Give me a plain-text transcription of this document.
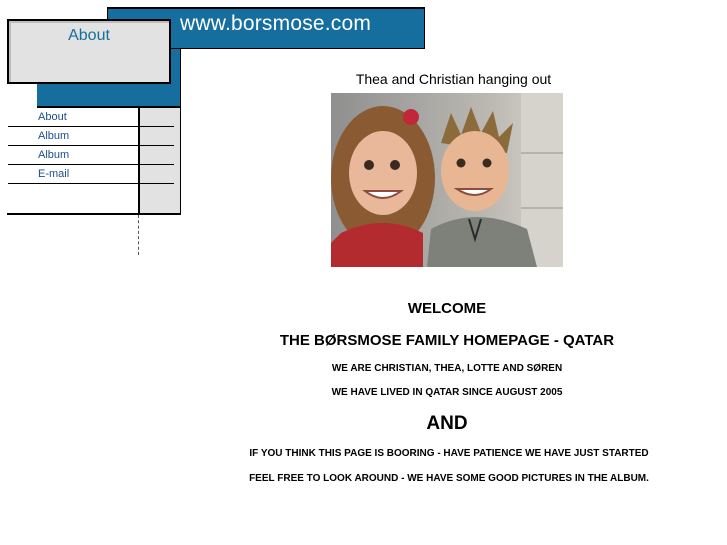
www.borsmose.com
About
About
Album
Album
E-mail
Thea and Christian hanging out
WELCOME
THE BØRSMOSE FAMILY HOMEPAGE - QATAR
WE ARE CHRISTIAN, THEA, LOTTE AND SØREN
WE HAVE LIVED IN QATAR SINCE AUGUST 2005
AND
IF YOU THINK THIS PAGE IS BOORING - HAVE PATIENCE WE HAVE JUST STARTED
FEEL FREE TO LOOK AROUND - WE HAVE SOME GOOD PICTURES IN THE ALBUM.
